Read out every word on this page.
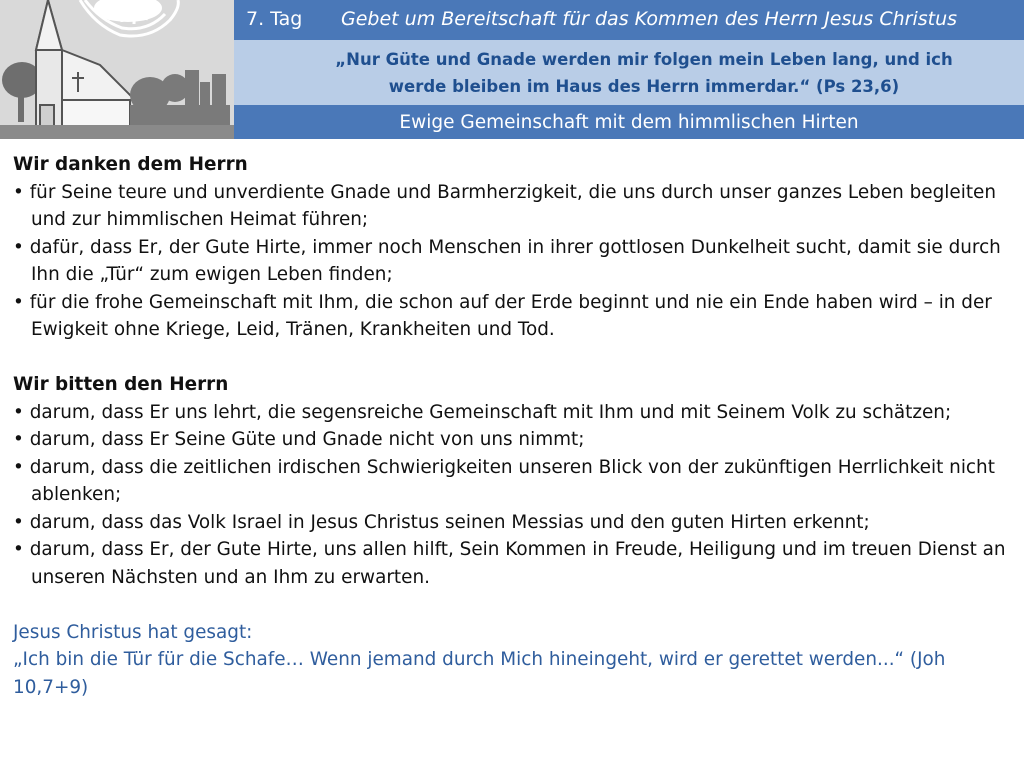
7. Tag Gebet um Bereitschaft für das Kommen des Herrn Jesus Christus
„Nur Güte und Gnade werden mir folgen mein Leben lang, und ich
werde bleiben im Haus des Herrn immerdar.“ (Ps 23,6)
Ewige Gemeinschaft mit dem himmlischen Hirten
Wir danken dem Herrn
• für Seine teure und unverdiente Gnade und Barmherzigkeit, die uns durch unser ganzes Leben begleiten und zur himmlischen Heimat führen;
• dafür, dass Er, der Gute Hirte, immer noch Menschen in ihrer gottlosen Dunkelheit sucht, damit sie durch Ihn die „Tür“ zum ewigen Leben finden;
• für die frohe Gemeinschaft mit Ihm, die schon auf der Erde beginnt und nie ein Ende haben wird – in der Ewigkeit ohne Kriege, Leid, Tränen, Krankheiten und Tod.
Wir bitten den Herrn
• darum, dass Er uns lehrt, die segensreiche Gemeinschaft mit Ihm und mit Seinem Volk zu schätzen;
• darum, dass Er Seine Güte und Gnade nicht von uns nimmt;
• darum, dass die zeitlichen irdischen Schwierigkeiten unseren Blick von der zukünftigen Herrlichkeit nicht ablenken;
• darum, dass das Volk Israel in Jesus Christus seinen Messias und den guten Hirten erkennt;
• darum, dass Er, der Gute Hirte, uns allen hilft, Sein Kommen in Freude, Heiligung und im treuen Dienst an unseren Nächsten und an Ihm zu erwarten.
Jesus Christus hat gesagt:
„Ich bin die Tür für die Schafe… Wenn jemand durch Mich hineingeht, wird er gerettet werden...“ (Joh 10,7+9)
